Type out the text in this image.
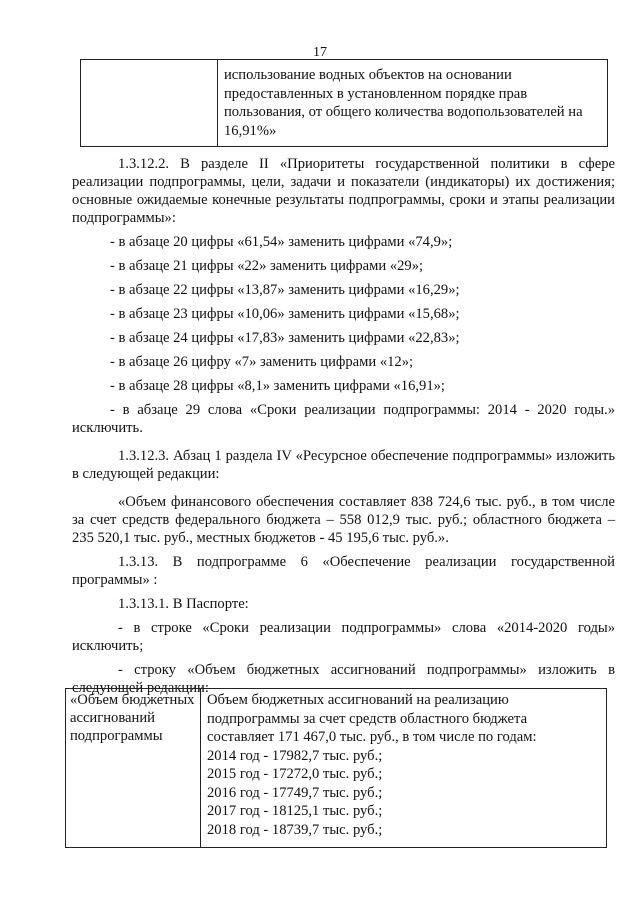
17
использование водных объектов на основании
предоставленных в установленном порядке прав
пользования, от общего количества водопользователей на
16,91%»

1.3.12.2. В разделе II «Приоритеты государственной политики в сфере реализации подпрограммы, цели, задачи и показатели (индикаторы) их достижения; основные ожидаемые конечные результаты подпрограммы, сроки и этапы реализации подпрограммы»:

- в абзаце 20 цифры «61,54» заменить цифрами «74,9»;

- в абзаце 21 цифры «22» заменить цифрами «29»;

- в абзаце 22 цифры «13,87» заменить цифрами «16,29»;

- в абзаце 23 цифры «10,06» заменить цифрами «15,68»;

- в абзаце 24 цифры «17,83» заменить цифрами «22,83»;

- в абзаце 26 цифру «7» заменить цифрами «12»;

- в абзаце 28 цифры «8,1» заменить цифрами «16,91»;

- в абзаце 29 слова «Сроки реализации подпрограммы: 2014 - 2020 годы.» исключить.

1.3.12.3. Абзац 1 раздела IV «Ресурсное обеспечение подпрограммы» изложить в следующей редакции:

«Объем финансового обеспечения составляет 838 724,6 тыс. руб., в том числе за счет средств федерального бюджета – 558 012,9 тыс. руб.; областного бюджета – 235 520,1 тыс. руб., местных бюджетов - 45 195,6 тыс. руб.».

1.3.13. В подпрограмме 6 «Обеспечение реализации государственной программы» :

1.3.13.1. В Паспорте:

- в строке «Сроки реализации подпрограммы» слова «2014-2020 годы» исключить;

- строку «Объем бюджетных ассигнований подпрограммы» изложить в следующей редакции:

«Объем бюджетных ассигнований подпрограммы
Объем бюджетных ассигнований на реализацию
подпрограммы за счет средств областного бюджета
составляет 171 467,0 тыс. руб., в том числе по годам:
2014 год - 17982,7 тыс. руб.;
2015 год - 17272,0 тыс. руб.;
2016 год - 17749,7 тыс. руб.;
2017 год - 18125,1 тыс. руб.;
2018 год - 18739,7 тыс. руб.;
